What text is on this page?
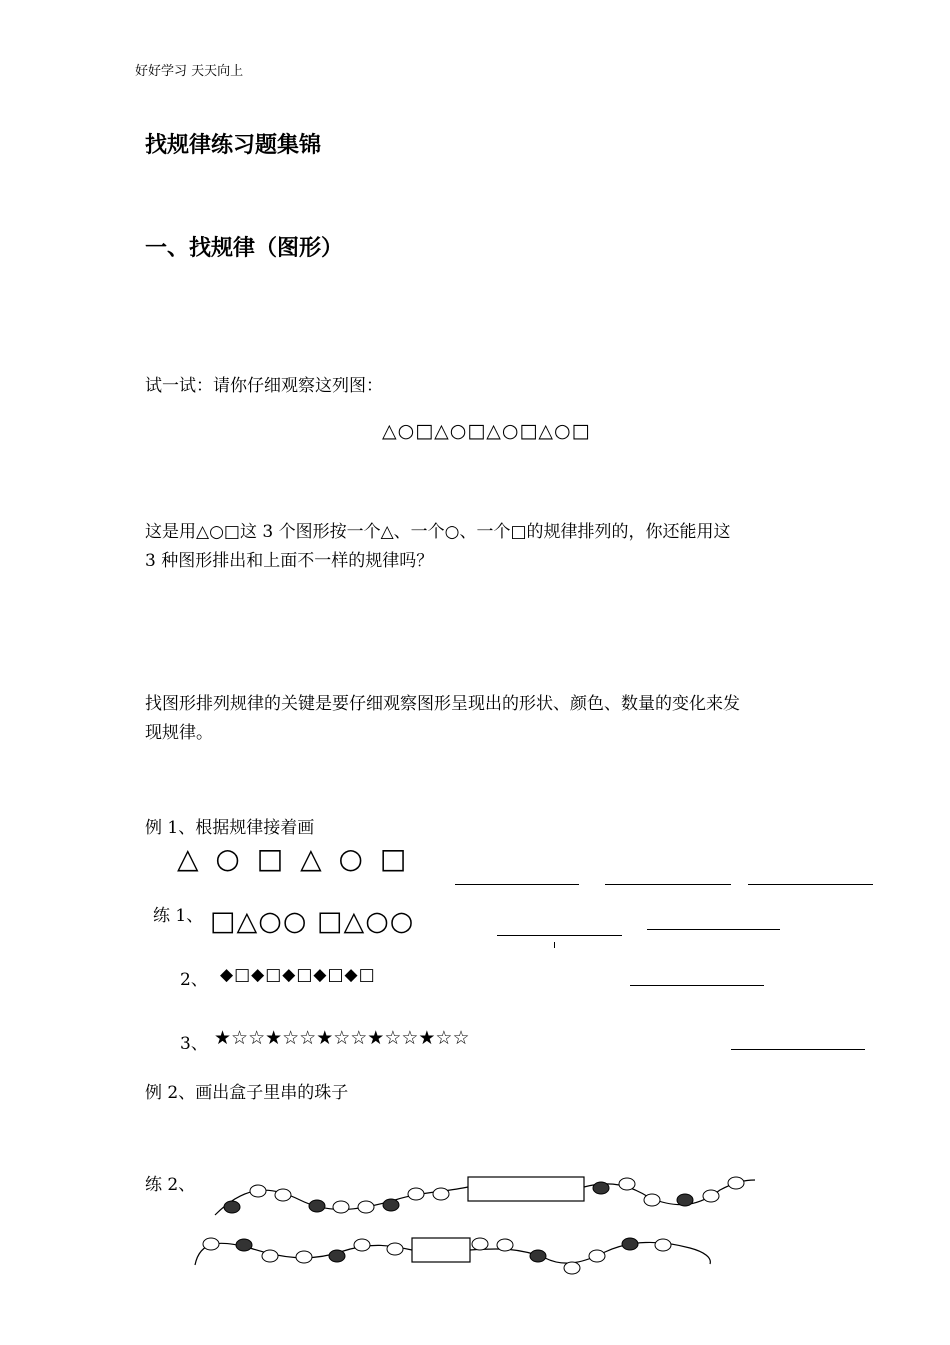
好好学习 天天向上
找规律练习题集锦
一、找规律（图形）
试一试：请你仔细观察这列图：
△○□△○□△○□△○□
这是用△○□这 3 个图形按一个△、一个○、一个□的规律排列的，你还能用这
3 种图形排出和上面不一样的规律吗？
找图形排列规律的关键是要仔细观察图形呈现出的形状、颜色、数量的变化来发
现规律。
例 1、根据规律接着画
△ ○ □ △ ○ □
练 1、 □△○○ □△○○
2、 ◆□◆□◆□◆□◆□
3、 ★☆☆★☆☆★☆☆★☆☆★☆☆
例 2、画出盒子里串的珠子
练 2、
